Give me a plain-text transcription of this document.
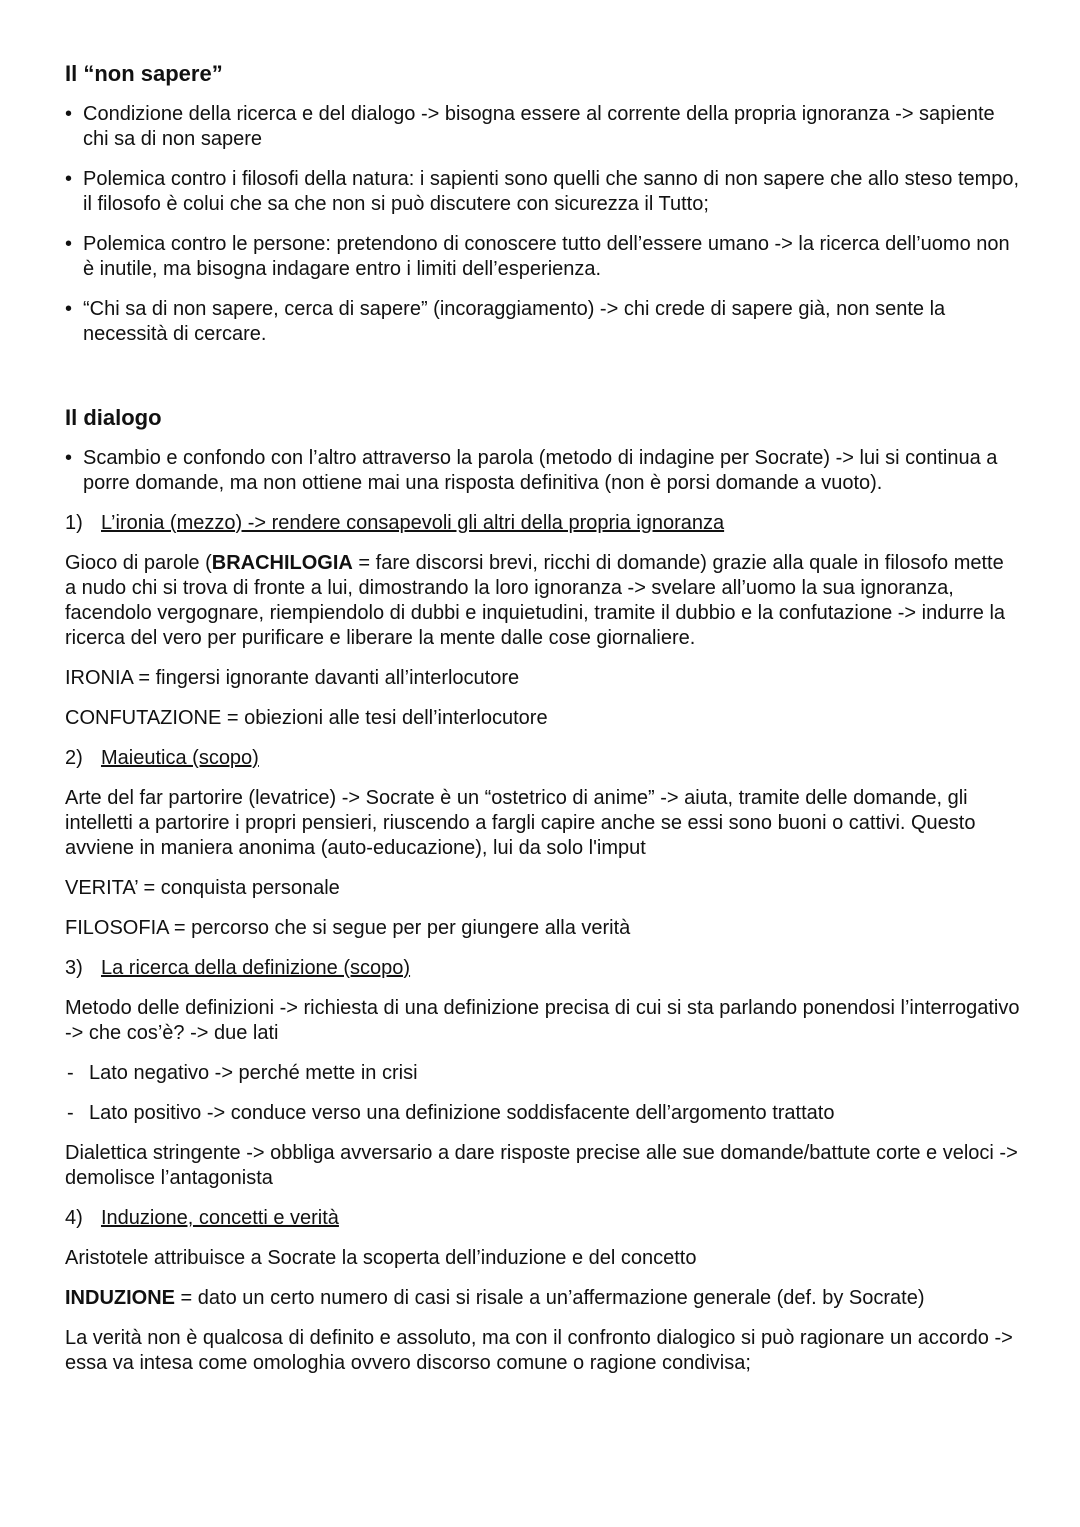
Il “non sapere”
• Condizione della ricerca e del dialogo -> bisogna essere al corrente della propria ignoranza -> sapiente chi sa di non sapere
• Polemica contro i filosofi della natura: i sapienti sono quelli che sanno di non sapere che allo steso tempo, il filosofo è colui che sa che non si può discutere con sicurezza il Tutto;
• Polemica contro le persone: pretendono di conoscere tutto dell’essere umano -> la ricerca dell’uomo non è inutile, ma bisogna indagare entro i limiti dell’esperienza.
• “Chi sa di non sapere, cerca di sapere” (incoraggiamento) -> chi crede di sapere già, non sente la necessità di cercare.
Il dialogo
• Scambio e confondo con l’altro attraverso la parola (metodo di indagine per Socrate) -> lui si continua a porre domande, ma non ottiene mai una risposta definitiva (non è porsi domande a vuoto).
1) L’ironia (mezzo) -> rendere consapevoli gli altri della propria ignoranza

Gioco di parole (BRACHILOGIA = fare discorsi brevi, ricchi di domande) grazie alla quale in filosofo mette a nudo chi si trova di fronte a lui, dimostrando la loro ignoranza -> svelare all’uomo la sua ignoranza, facendolo vergognare, riempiendolo di dubbi e inquietudini, tramite il dubbio e la confutazione -> indurre la ricerca del vero per purificare e liberare la mente dalle cose giornaliere.

IRONIA = fingersi ignorante davanti all’interlocutore

CONFUTAZIONE = obiezioni alle tesi dell’interlocutore

2) Maieutica (scopo)

Arte del far partorire (levatrice) -> Socrate è un “ostetrico di anime” -> aiuta, tramite delle domande, gli intelletti a partorire i propri pensieri, riuscendo a fargli capire anche se essi sono buoni o cattivi. Questo avviene in maniera anonima (auto-educazione), lui da solo l'imput

VERITA’ = conquista personale

FILOSOFIA = percorso che si segue per per giungere alla verità

3) La ricerca della definizione (scopo)

Metodo delle definizioni -> richiesta di una definizione precisa di cui si sta parlando ponendosi l’interrogativo -> che cos’è? -> due lati

- Lato negativo -> perché mette in crisi
- Lato positivo -> conduce verso una definizione soddisfacente dell’argomento trattato

Dialettica stringente -> obbliga avversario a dare risposte precise alle sue domande/battute corte e veloci -> demolisce l’antagonista

4) Induzione, concetti e verità

Aristotele attribuisce a Socrate la scoperta dell’induzione e del concetto

INDUZIONE = dato un certo numero di casi si risale a un’affermazione generale (def. by Socrate)

La verità non è qualcosa di definito e assoluto, ma con il confronto dialogico si può ragionare un accordo -> essa va intesa come omologhia ovvero discorso comune o ragione condivisa;
